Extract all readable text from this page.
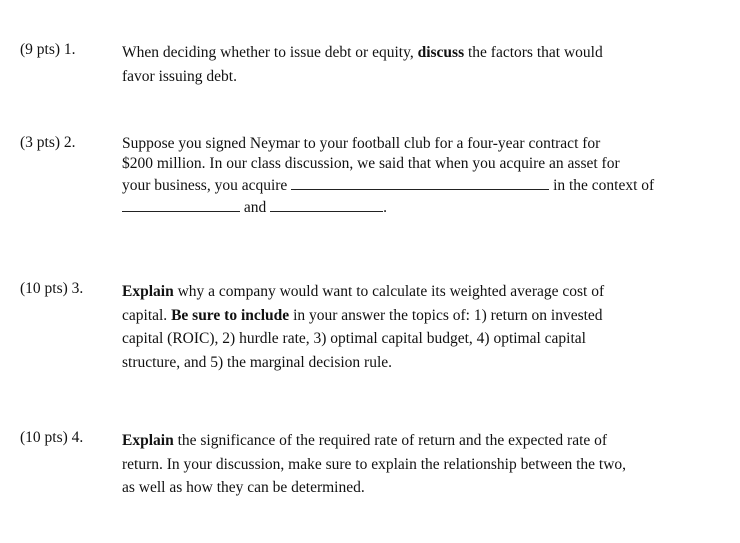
(9 pts) 1.	When deciding whether to issue debt or equity, discuss the factors that would
favor issuing debt.
(3 pts) 2.	Suppose you signed Neymar to your football club for a four-year contract for
$200 million. In our class discussion, we said that when you acquire an asset for
your business, you acquire	in the context of
and	.
(10 pts) 3. Explain why a company would want to calculate its weighted average cost of
capital. Be sure to include in your answer the topics of: 1) return on invested
capital (ROIC), 2) hurdle rate, 3) optimal capital budget, 4) optimal capital
structure, and 5) the marginal decision rule.
(10 pts) 4. Explain the significance of the required rate of return and the expected rate of
return. In your discussion, make sure to explain the relationship between the two,
as well as how they can be determined.
